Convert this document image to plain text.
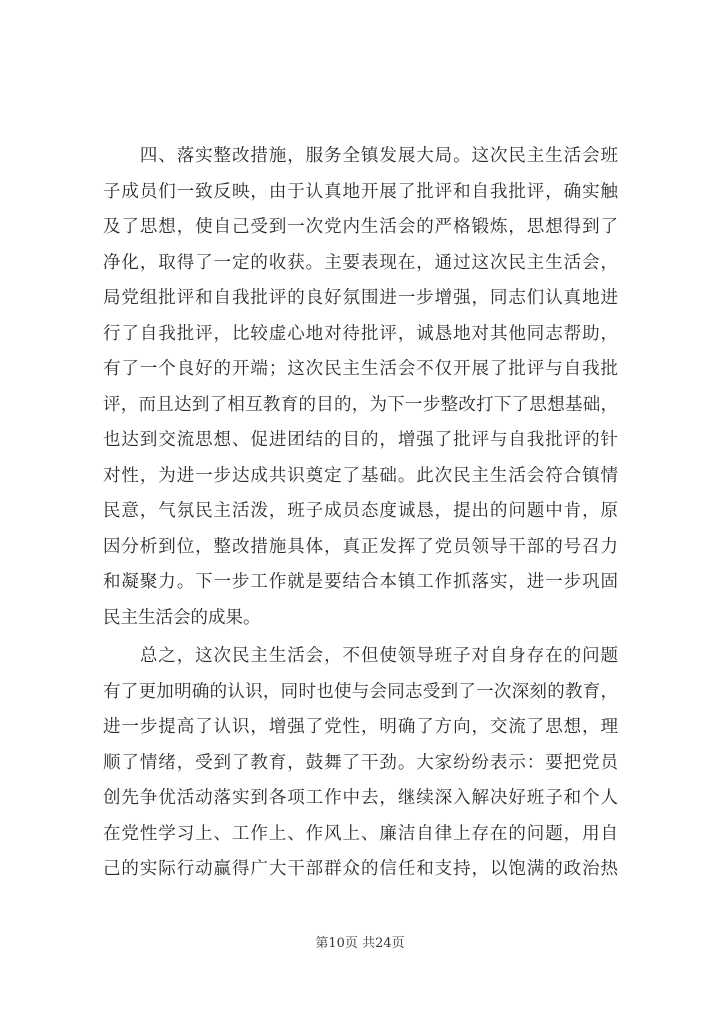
　　四、落实整改措施，服务全镇发展大局。这次民主生活会班
子成员们一致反映，由于认真地开展了批评和自我批评，确实触
及了思想，使自己受到一次党内生活会的严格锻炼，思想得到了
净化，取得了一定的收获。主要表现在，通过这次民主生活会，
局党组批评和自我批评的良好氛围进一步增强，同志们认真地进
行了自我批评，比较虚心地对待批评，诚恳地对其他同志帮助，
有了一个良好的开端；这次民主生活会不仅开展了批评与自我批
评，而且达到了相互教育的目的，为下一步整改打下了思想基础，
也达到交流思想、促进团结的目的，增强了批评与自我批评的针
对性，为进一步达成共识奠定了基础。此次民主生活会符合镇情
民意，气氛民主活泼，班子成员态度诚恳，提出的问题中肯，原
因分析到位，整改措施具体，真正发挥了党员领导干部的号召力
和凝聚力。下一步工作就是要结合本镇工作抓落实，进一步巩固
民主生活会的成果。
　　总之，这次民主生活会，不但使领导班子对自身存在的问题
有了更加明确的认识，同时也使与会同志受到了一次深刻的教育，
进一步提高了认识，增强了党性，明确了方向，交流了思想，理
顺了情绪，受到了教育，鼓舞了干劲。大家纷纷表示：要把党员
创先争优活动落实到各项工作中去，继续深入解决好班子和个人
在党性学习上、工作上、作风上、廉洁自律上存在的问题，用自
己的实际行动赢得广大干部群众的信任和支持，以饱满的政治热
第10页 共24页
